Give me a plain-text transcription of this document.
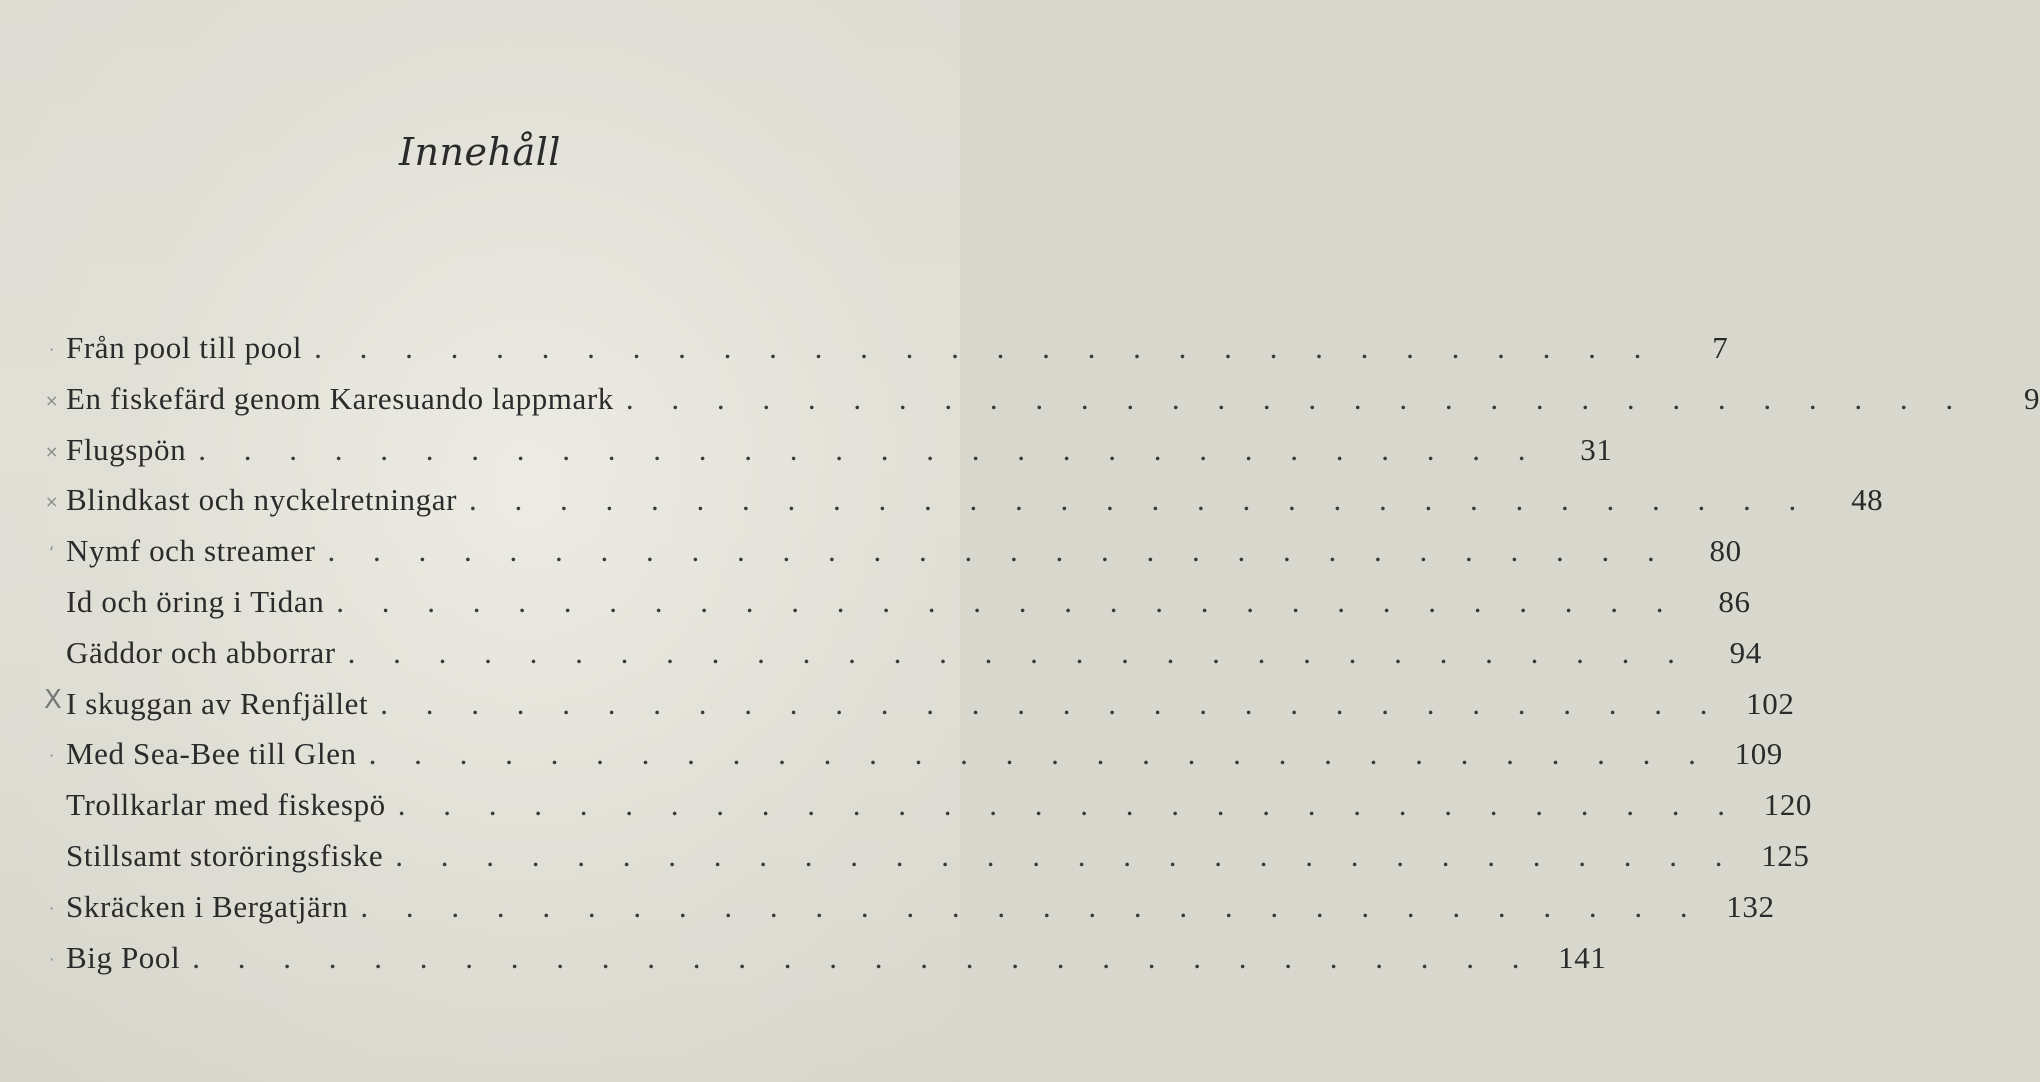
Innehåll
· Från pool till pool . . . . . . . . . . . . . . . . . . . . . . . . . . . . . .	7
× En fiskefärd genom Karesuando lappmark . . . . . . . . . . . . . . . . . . . . . . . . . . . . . .	9
× Flugspön . . . . . . . . . . . . . . . . . . . . . . . . . . . . . .	31
× Blindkast och nyckelretningar . . . . . . . . . . . . . . . . . . . . . . . . . . . . . .	48
ʻ Nymf och streamer . . . . . . . . . . . . . . . . . . . . . . . . . . . . . .	80
Id och öring i Tidan . . . . . . . . . . . . . . . . . . . . . . . . . . . . . .	86
Gäddor och abborrar . . . . . . . . . . . . . . . . . . . . . . . . . . . . . .	94
X I skuggan av Renfjället . . . . . . . . . . . . . . . . . . . . . . . . . . . . . . 102
· Med Sea-Bee till Glen . . . . . . . . . . . . . . . . . . . . . . . . . . . . . . 109
Trollkarlar med fiskespö . . . . . . . . . . . . . . . . . . . . . . . . . . . . . . 120
Stillsamt storöringsfiske . . . . . . . . . . . . . . . . . . . . . . . . . . . . . . 125
· Skräcken i Bergatjärn . . . . . . . . . . . . . . . . . . . . . . . . . . . . . . 132
· Big Pool . . . . . . . . . . . . . . . . . . . . . . . . . . . . . . 141
